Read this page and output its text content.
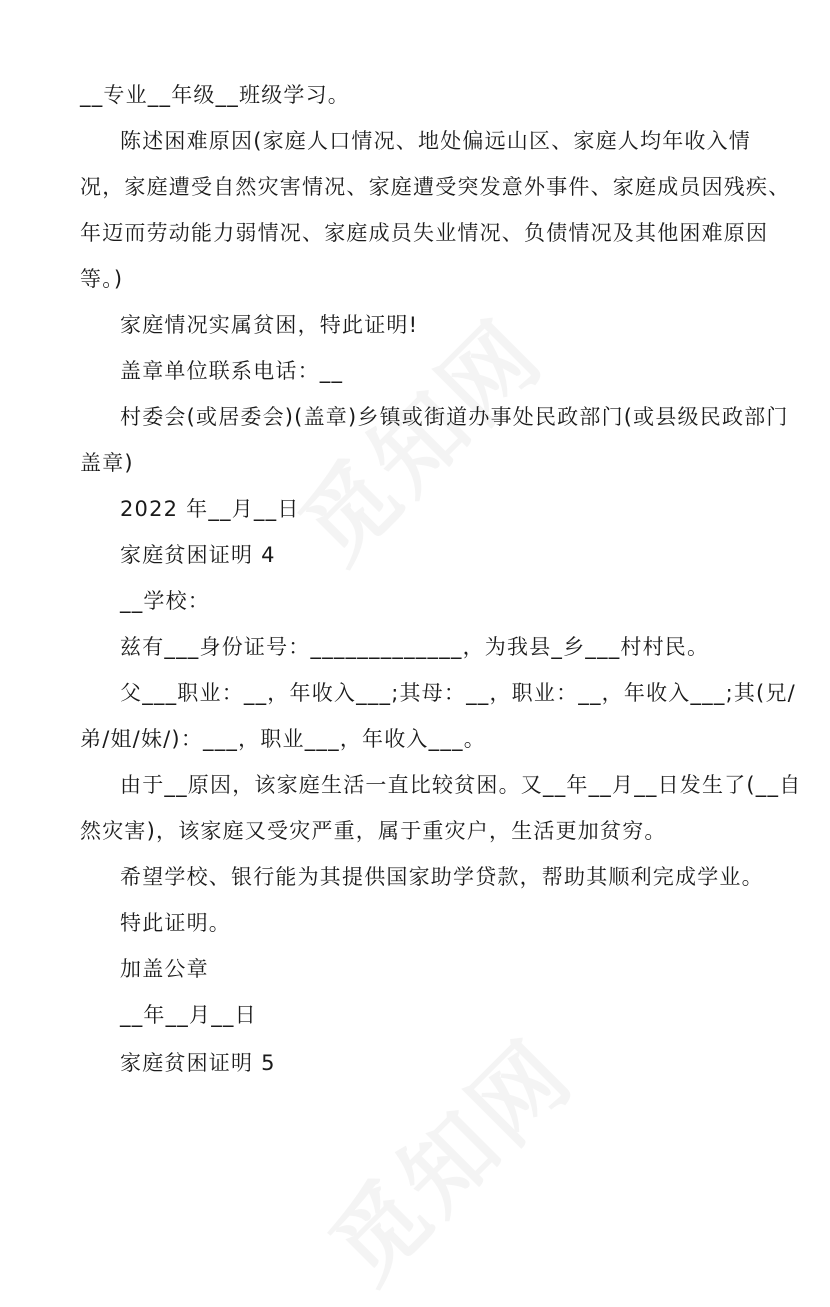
__专业__年级__班级学习。
陈述困难原因(家庭人口情况、地处偏远山区、家庭人均年收入情
况，家庭遭受自然灾害情况、家庭遭受突发意外事件、家庭成员因残疾、
年迈而劳动能力弱情况、家庭成员失业情况、负债情况及其他困难原因
等。)
家庭情况实属贫困，特此证明!
盖章单位联系电话：__
村委会(或居委会)(盖章)乡镇或街道办事处民政部门(或县级民政部门
盖章)
2022 年__月__日
家庭贫困证明 4
__学校：
兹有___身份证号：_____________，为我县_乡___村村民。
父___职业：__，年收入___;其母：__，职业：__，年收入___;其(兄/
弟/姐/妹/)：___，职业___，年收入___。
由于__原因，该家庭生活一直比较贫困。又__年__月__日发生了(__自
然灾害)，该家庭又受灾严重，属于重灾户，生活更加贫穷。
希望学校、银行能为其提供国家助学贷款，帮助其顺利完成学业。
特此证明。
加盖公章
__年__月__日
家庭贫困证明 5
